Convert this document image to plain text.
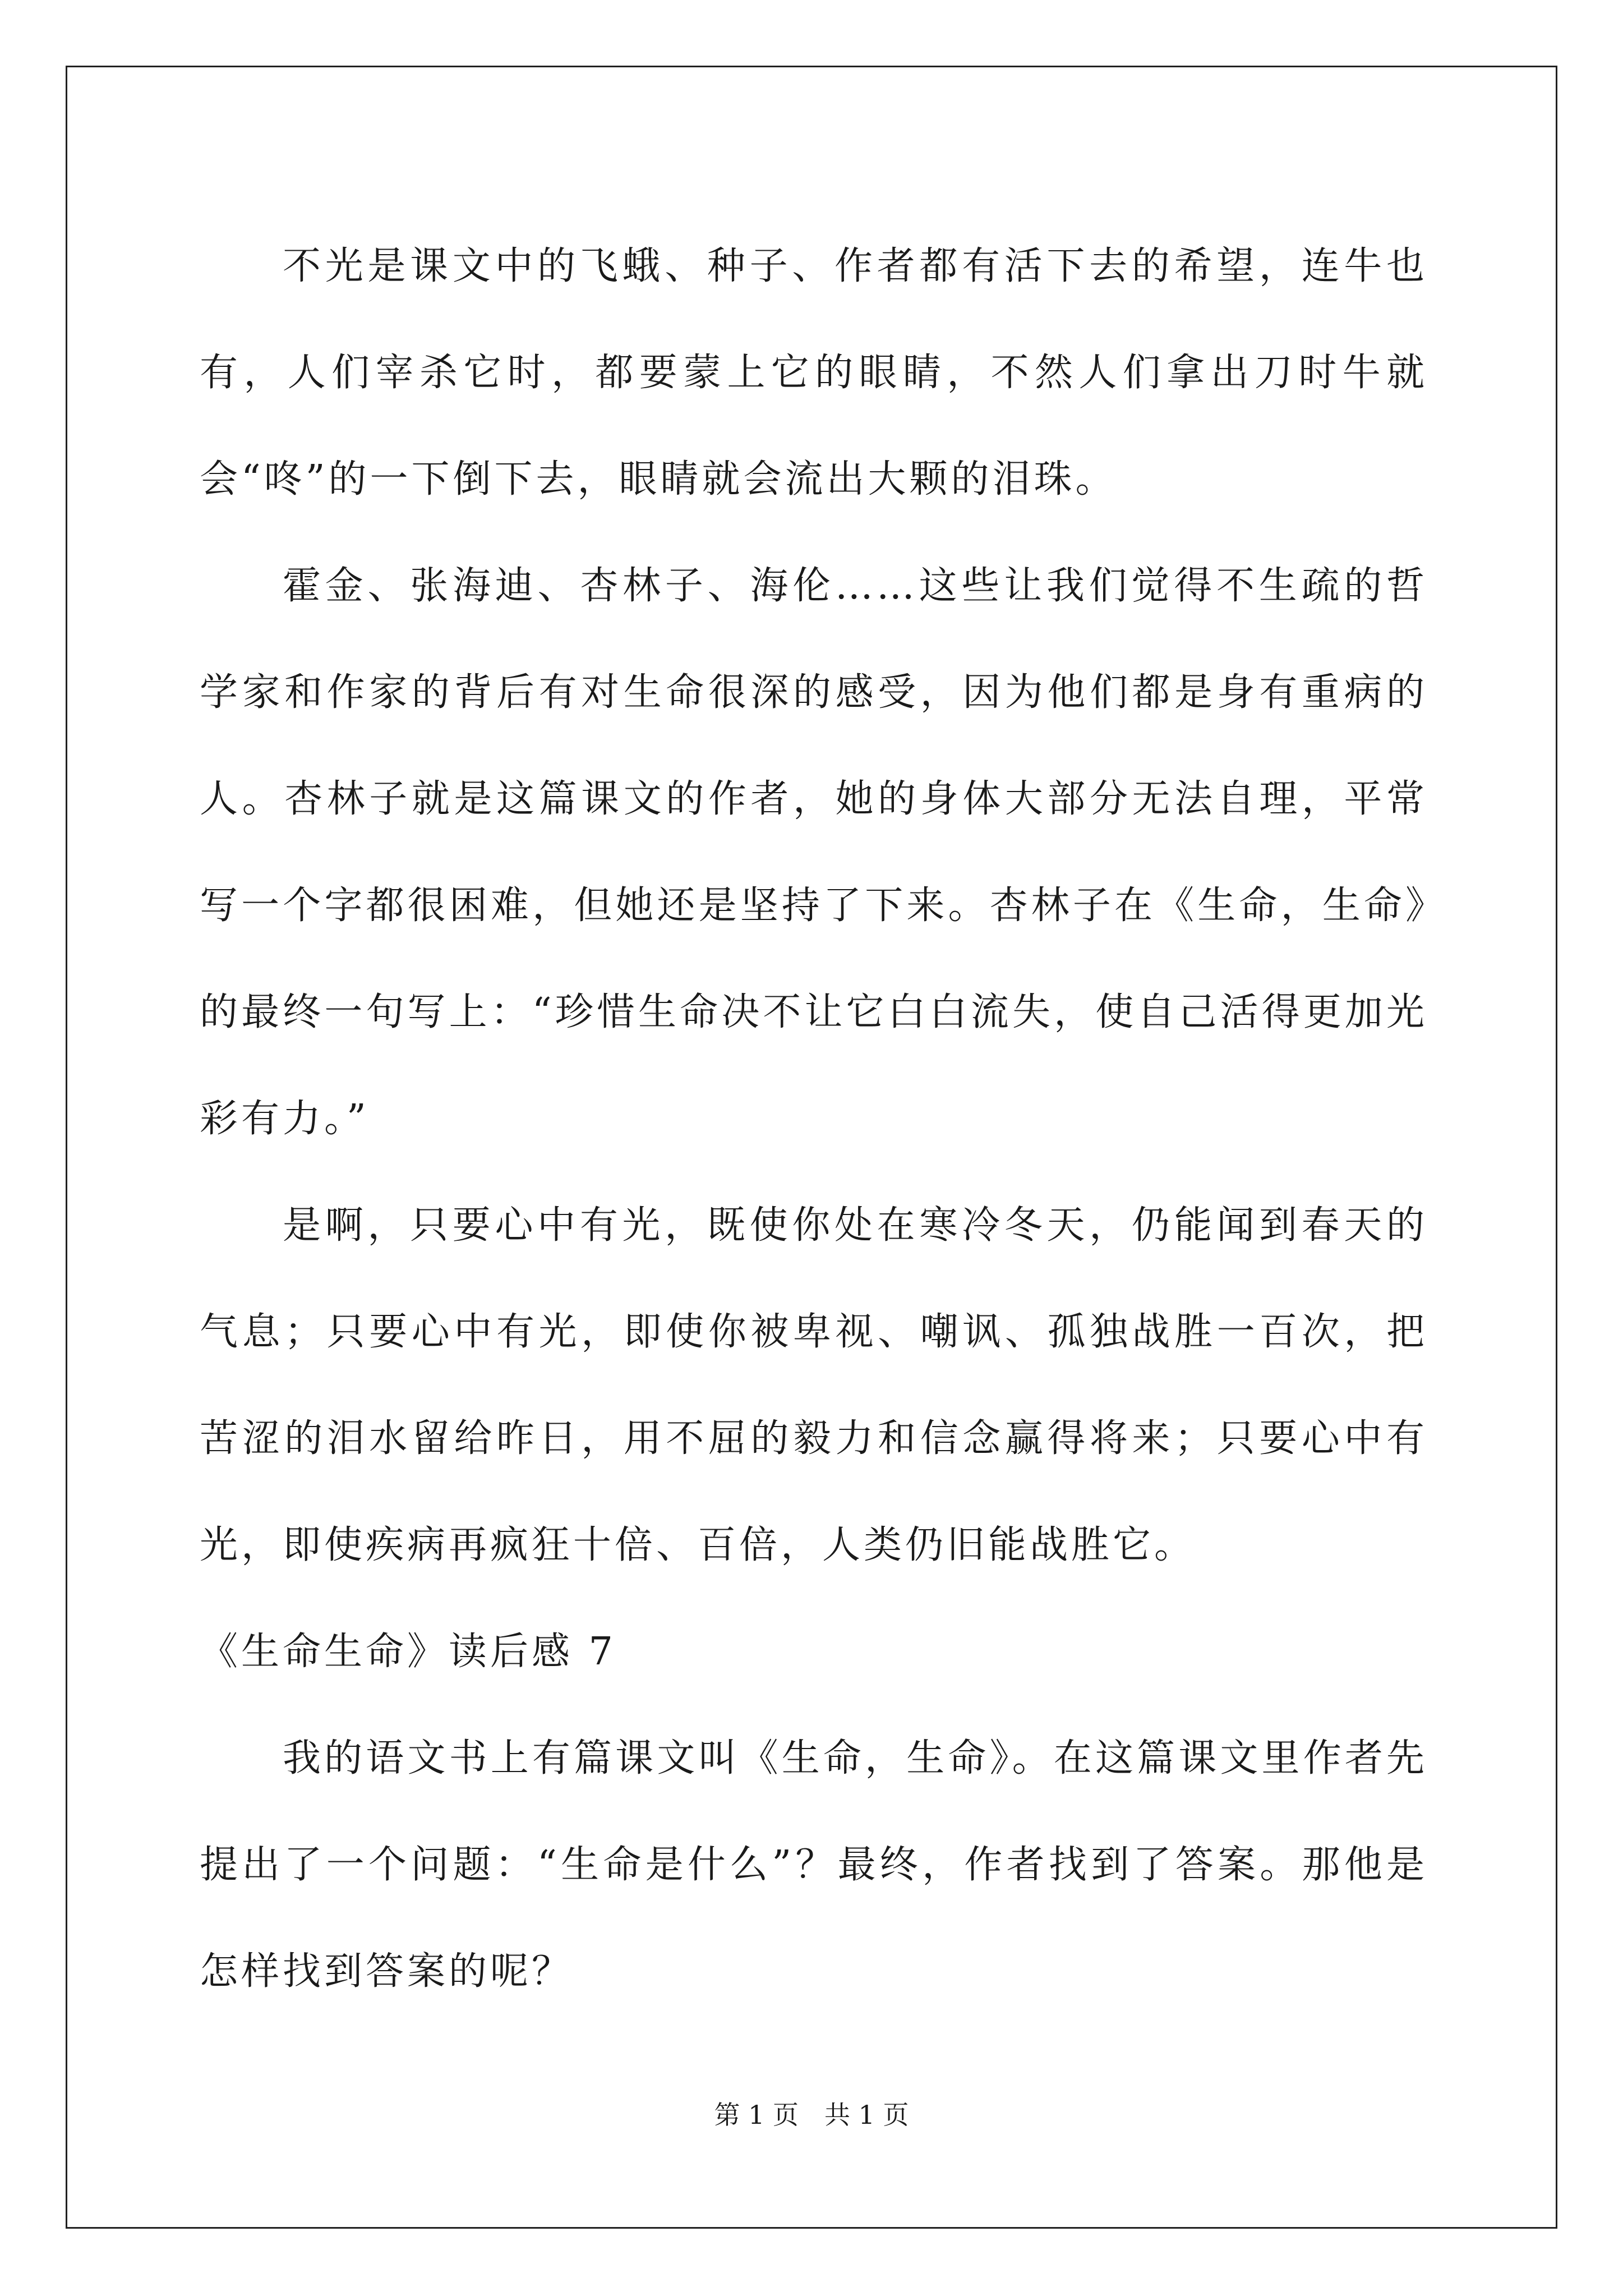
不光是课文中的飞蛾、种子、作者都有活下去的希望，连牛也有，人们宰杀它时，都要蒙上它的眼睛，不然人们拿出刀时牛就会“咚”的一下倒下去，眼睛就会流出大颗的泪珠。

霍金、张海迪、杏林子、海伦……这些让我们觉得不生疏的哲学家和作家的背后有对生命很深的感受，因为他们都是身有重病的人。杏林子就是这篇课文的作者，她的身体大部分无法自理，平常写一个字都很困难，但她还是坚持了下来。杏林子在《生命，生命》的最终一句写上：“珍惜生命决不让它白白流失，使自己活得更加光彩有力。”

是啊，只要心中有光，既使你处在寒冷冬天，仍能闻到春天的气息；只要心中有光，即使你被卑视、嘲讽、孤独战胜一百次，把苦涩的泪水留给昨日，用不屈的毅力和信念赢得将来；只要心中有光，即使疾病再疯狂十倍、百倍，人类仍旧能战胜它。

《生命生命》读后感 7

我的语文书上有篇课文叫《生命，生命》。在这篇课文里作者先提出了一个问题：“生命是什么”？最终，作者找到了答案。那他是怎样找到答案的呢？

第 1 页　共 1 页
